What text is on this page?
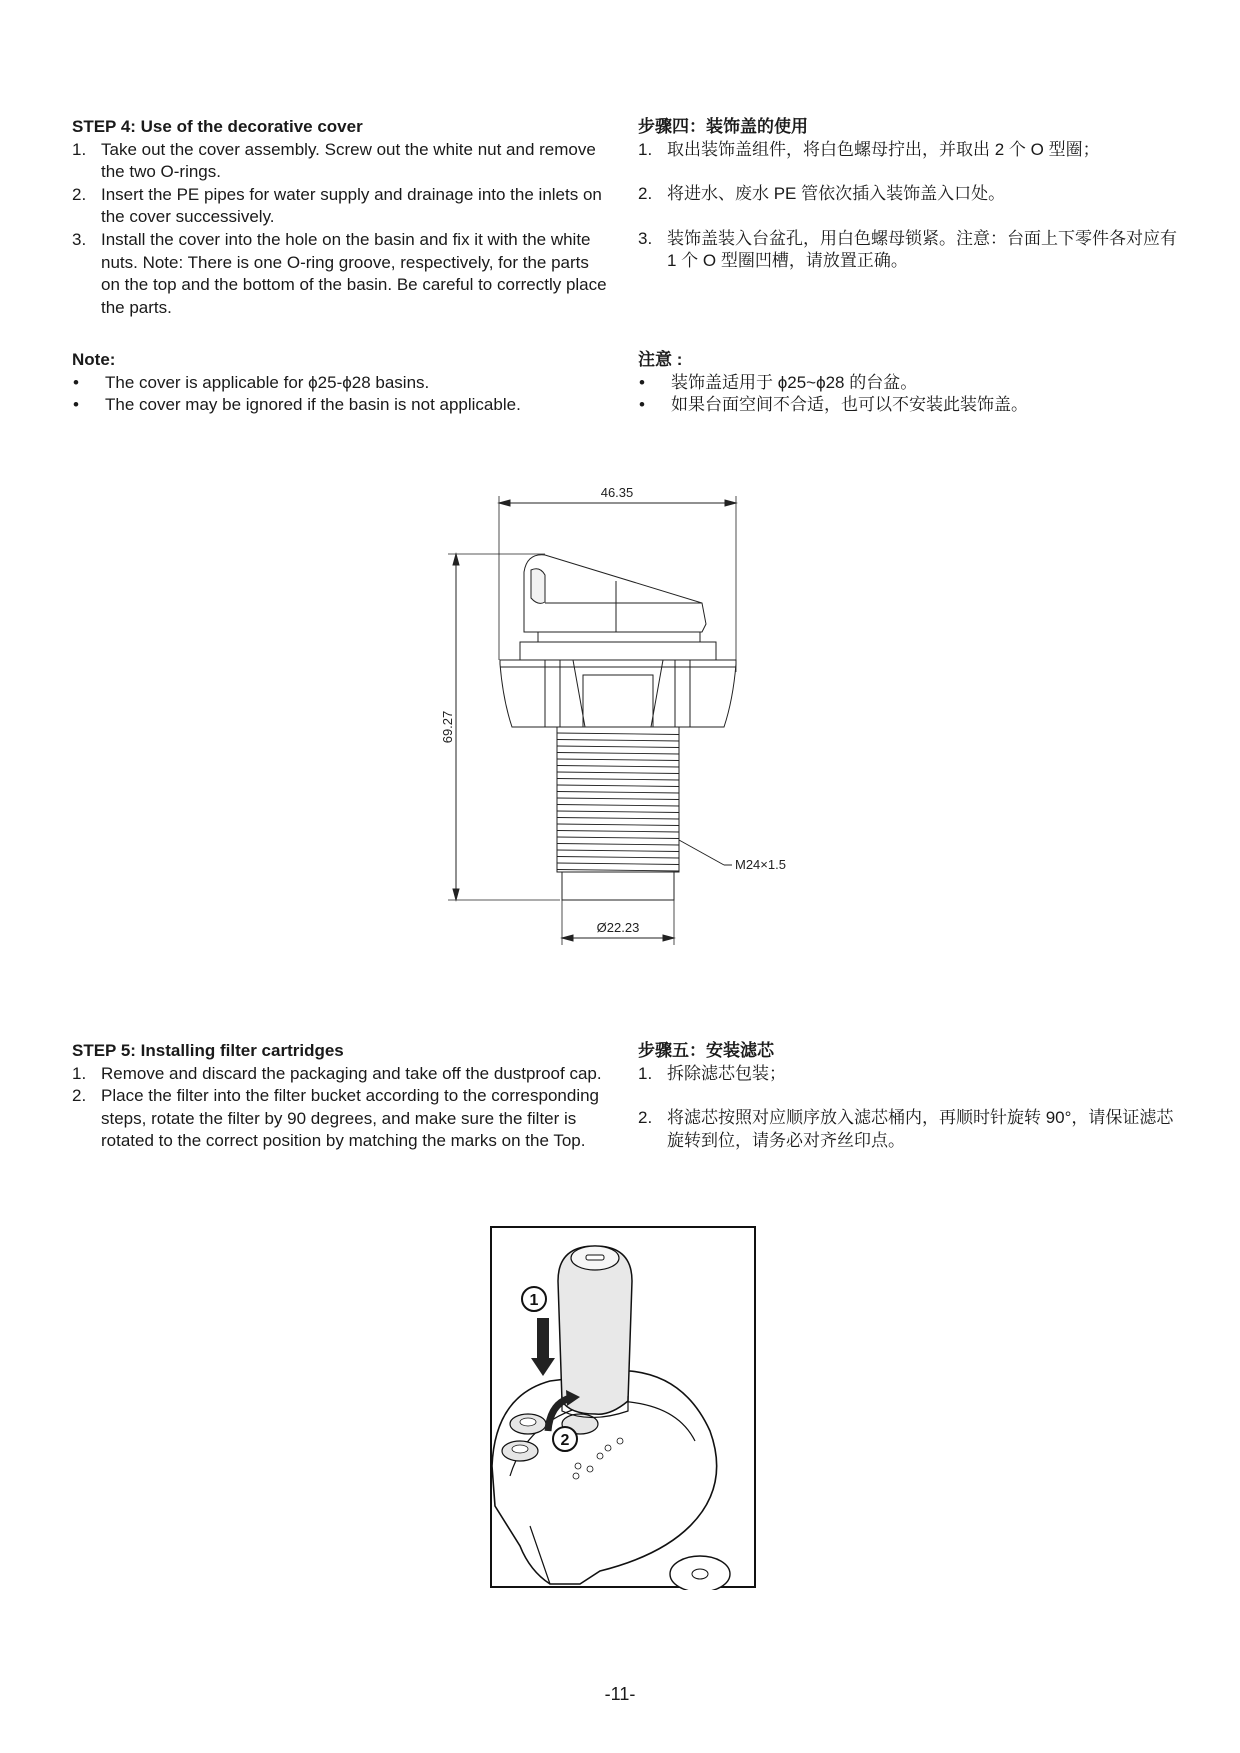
STEP 4: Use of the decorative cover
1. Take out the cover assembly. Screw out the white nut and remove the two O-rings.
2. Insert the PE pipes for water supply and drainage into the inlets on the cover successively.
3. Install the cover into the hole on the basin and fix it with the white nuts. Note: There is one O-ring groove, respectively, for the parts on the top and the bottom of the basin. Be careful to correctly place the parts.
步骤四：装饰盖的使用
1. 取出装饰盖组件，将白色螺母拧出，并取出 2 个 O 型圈；
2. 将进水、废水 PE 管依次插入装饰盖入口处。
3. 装饰盖装入台盆孔，用白色螺母锁紧。注意：台面上下零件各对应有 1 个 O 型圈凹槽，请放置正确。
Note:
•	The cover is applicable for ϕ25-ϕ28 basins.
•	The cover may be ignored if the basin is not applicable.
注意 :
•	装饰盖适用于 ϕ25~ϕ28 的台盆。
•	如果台面空间不合适，也可以不安装此装饰盖。
46.35
69.27
M24×1.5
Ø22.23
STEP 5: Installing filter cartridges
1. Remove and discard the packaging and take off the dustproof cap.
2. Place the filter into the filter bucket according to the corresponding steps, rotate the filter by 90 degrees, and make sure the filter is rotated to the correct position by matching the marks on the Top.
步骤五：安装滤芯
1. 拆除滤芯包装；
2. 将滤芯按照对应顺序放入滤芯桶内，再顺时针旋转 90°，请保证滤芯旋转到位，请务必对齐丝印点。
1
2
-11-
